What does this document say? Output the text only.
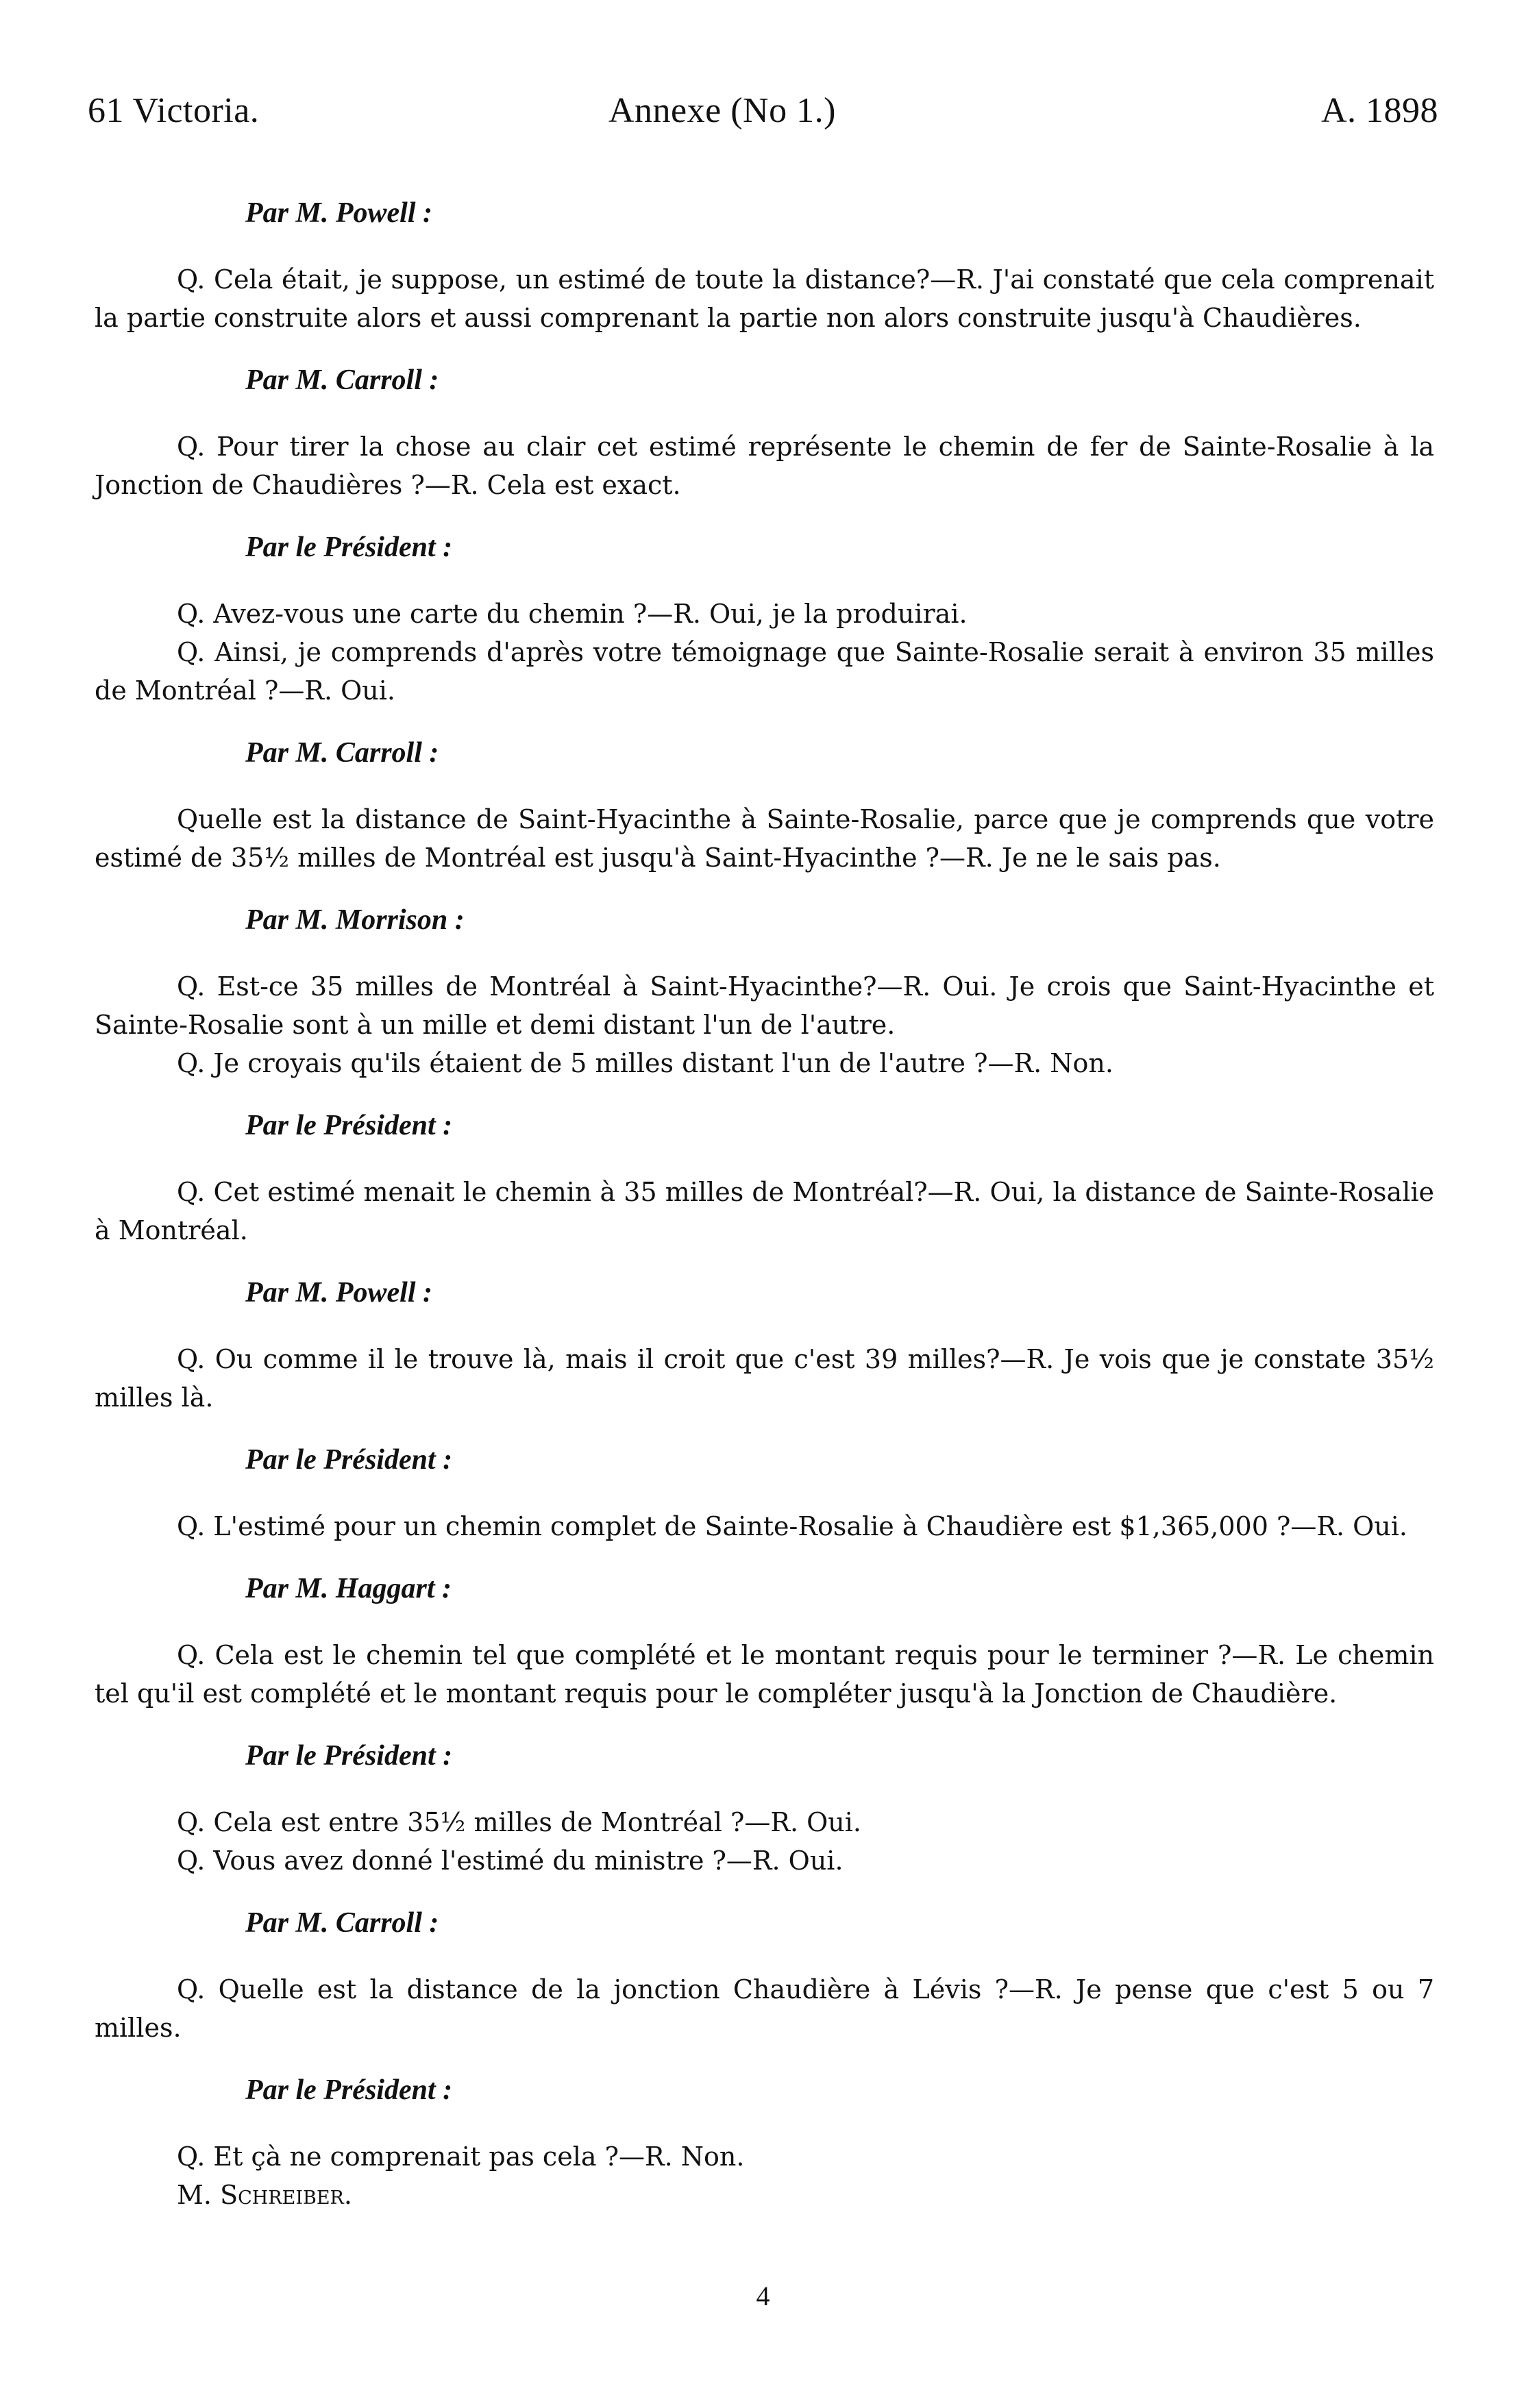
61 Victoria.	Annexe (No 1.)	A. 1898
Par M. Powell :

Q. Cela était, je suppose, un estimé de toute la distance?—R. J'ai constaté que cela comprenait la partie construite alors et aussi comprenant la partie non alors construite jusqu'à Chaudières.

Par M. Carroll :

Q. Pour tirer la chose au clair cet estimé représente le chemin de fer de Sainte-Rosalie à la Jonction de Chaudières ?—R. Cela est exact.

Par le Président :

Q. Avez-vous une carte du chemin ?—R. Oui, je la produirai.

Q. Ainsi, je comprends d'après votre témoignage que Sainte-Rosalie serait à environ 35 milles de Montréal ?—R. Oui.

Par M. Carroll :

Quelle est la distance de Saint-Hyacinthe à Sainte-Rosalie, parce que je comprends que votre estimé de 35½ milles de Montréal est jusqu'à Saint-Hyacinthe ?—R. Je ne le sais pas.

Par M. Morrison :

Q. Est-ce 35 milles de Montréal à Saint-Hyacinthe?—R. Oui. Je crois que Saint-Hyacinthe et Sainte-Rosalie sont à un mille et demi distant l'un de l'autre.

Q. Je croyais qu'ils étaient de 5 milles distant l'un de l'autre ?—R. Non.

Par le Président :

Q. Cet estimé menait le chemin à 35 milles de Montréal?—R. Oui, la distance de Sainte-Rosalie à Montréal.

Par M. Powell :

Q. Ou comme il le trouve là, mais il croit que c'est 39 milles?—R. Je vois que je constate 35½ milles là.

Par le Président :

Q. L'estimé pour un chemin complet de Sainte-Rosalie à Chaudière est $1,365,000 ?—R. Oui.

Par M. Haggart :

Q. Cela est le chemin tel que complété et le montant requis pour le terminer ?—R. Le chemin tel qu'il est complété et le montant requis pour le compléter jusqu'à la Jonction de Chaudière.

Par le Président :

Q. Cela est entre 35½ milles de Montréal ?—R. Oui.

Q. Vous avez donné l'estimé du ministre ?—R. Oui.

Par M. Carroll :

Q. Quelle est la distance de la jonction Chaudière à Lévis ?—R. Je pense que c'est 5 ou 7 milles.

Par le Président :

Q. Et çà ne comprenait pas cela ?—R. Non.

M. Schreiber.

4
